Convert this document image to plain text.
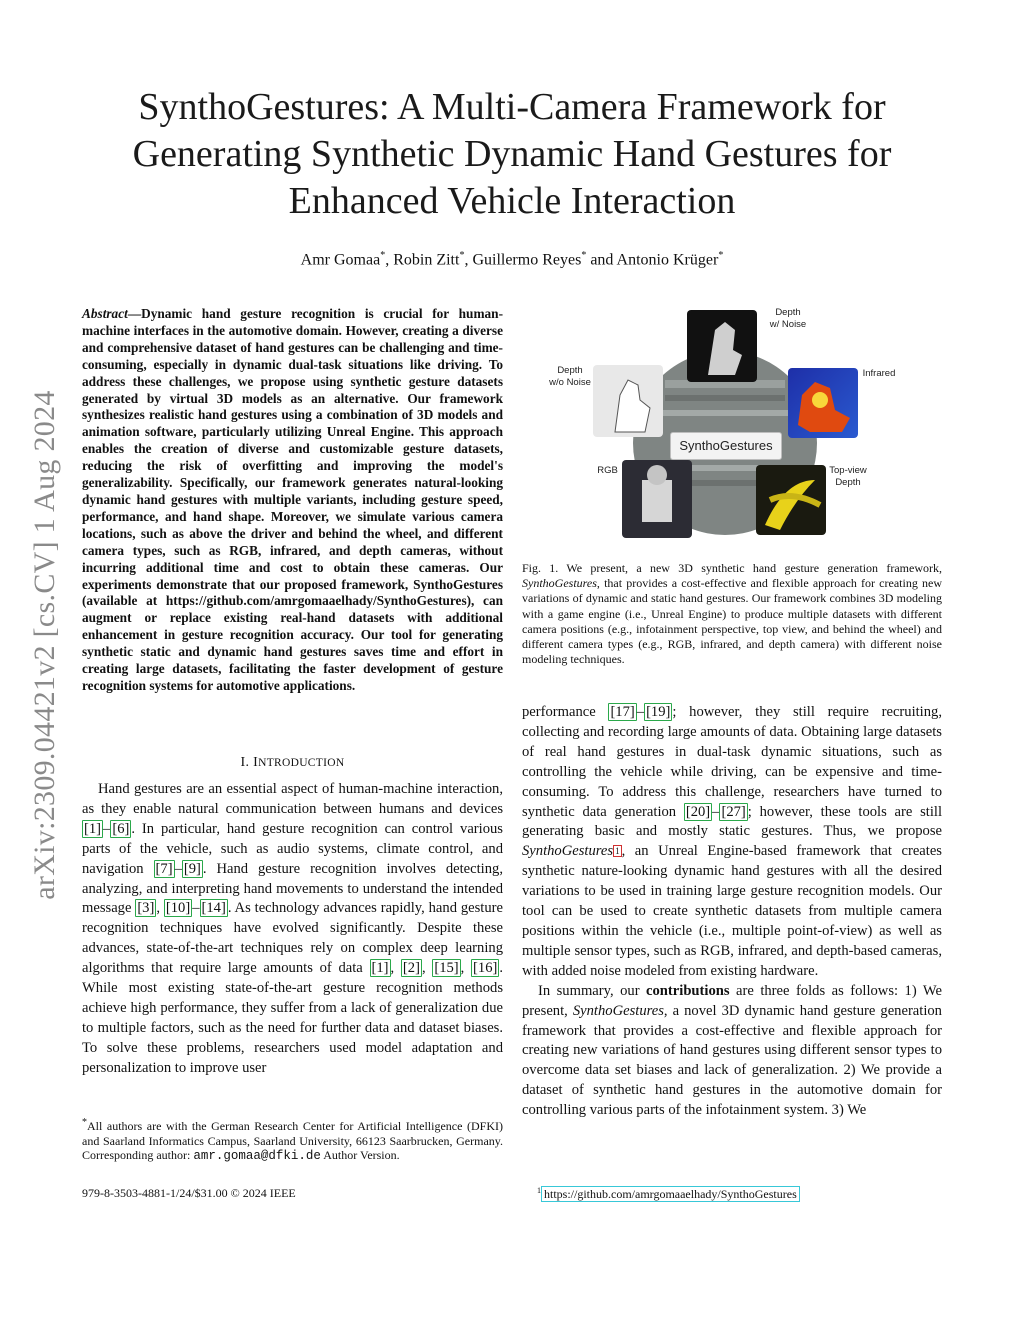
arXiv:2309.04421v2 [cs.CV] 1 Aug 2024
SynthoGestures: A Multi-Camera Framework for
Generating Synthetic Dynamic Hand Gestures for
Enhanced Vehicle Interaction
Amr Gomaa*, Robin Zitt*, Guillermo Reyes* and Antonio Krüger*
Abstract—Dynamic hand gesture recognition is crucial for human-machine interfaces in the automotive domain. However, creating a diverse and comprehensive dataset of hand gestures can be challenging and time-consuming, especially in dynamic dual-task situations like driving. To address these challenges, we propose using synthetic gesture datasets generated by virtual 3D models as an alternative. Our framework synthesizes realistic hand gestures using a combination of 3D models and animation software, particularly utilizing Unreal Engine. This approach enables the creation of diverse and customizable gesture datasets, reducing the risk of overfitting and improving the model's generalizability. Specifically, our framework generates natural-looking dynamic hand gestures with multiple variants, including gesture speed, performance, and hand shape. Moreover, we simulate various camera locations, such as above the driver and behind the wheel, and different camera types, such as RGB, infrared, and depth cameras, without incurring additional time and cost to obtain these cameras. Our experiments demonstrate that our proposed framework, SynthoGestures (available at https://github.com/amrgomaaelhady/SynthoGestures), can augment or replace existing real-hand datasets with additional enhancement in gesture recognition accuracy. Our tool for generating synthetic static and dynamic hand gestures saves time and effort in creating large datasets, facilitating the faster development of gesture recognition systems for automotive applications.
I. INTRODUCTION

Hand gestures are an essential aspect of human-machine interaction, as they enable natural communication between humans and devices [1] – [6] . In particular, hand gesture recognition can control various parts of the vehicle, such as audio systems, climate control, and navigation [7] – [9] . Hand gesture recognition involves detecting, analyzing, and interpreting hand movements to understand the intended message [3] , [10] – [14] . As technology advances rapidly, hand gesture recognition techniques have evolved significantly. Despite these advances, state-of-the-art techniques rely on complex deep learning algorithms that require large amounts of data [1] , [2] , [15] , [16] . While most existing state-of-the-art gesture recognition methods achieve high performance, they suffer from a lack of generalization due to multiple factors, such as the need for further data and dataset biases. To solve these problems, researchers used model adaptation and personalization to improve user

*All authors are with the German Research Center for Artificial Intelligence (DFKI) and Saarland Informatics Campus, Saarland University, 66123 Saarbrucken, Germany. Corresponding author: amr.gomaa@dfki.de Author Version.
979-8-3503-4881-1/24/$31.00 © 2024 IEEE
SynthoGestures
Depth
w/ Noise
Depth
w/o Noise
Infrared
RGB	Top-view
Depth
Fig. 1. We present, a new 3D synthetic hand gesture generation framework, SynthoGestures, that provides a cost-effective and flexible approach for creating new variations of dynamic and static hand gestures. Our framework combines 3D modeling with a game engine (i.e., Unreal Engine) to produce multiple datasets with different camera positions (e.g., infotainment perspective, top view, and behind the wheel) and different camera types (e.g., RGB, infrared, and depth camera) with different noise modeling techniques.

performance [17] – [19] ; however, they still require recruiting, collecting and recording large amounts of data. Obtaining large datasets of real hand gestures in dual-task dynamic situations, such as controlling the vehicle while driving, can be expensive and time-consuming. To address this challenge, researchers have turned to synthetic data generation [20] – [27] ; however, these tools are still generating basic and mostly static gestures. Thus, we propose SynthoGestures $^1$ , an Unreal Engine-based framework that creates synthetic nature-looking dynamic hand gestures with all the desired variations to be used in training large gesture recognition models. Our tool can be used to create synthetic datasets from multiple camera positions within the vehicle (i.e., multiple point-of-view) as well as multiple sensor types, such as RGB, infrared, and depth-based cameras, with added noise modeled from existing hardware.

In summary, our contributions are three folds as follows: 1) We present, SynthoGestures, a novel 3D dynamic hand gesture generation framework that provides a cost-effective and flexible approach for creating new variations of hand gestures using different sensor types to overcome data set biases and lack of generalization. 2) We provide a dataset of synthetic hand gestures in the automotive domain for controlling various parts of the infotainment system. 3) We

$^1$ https://github.com/amrgomaaelhady/SynthoGestures
